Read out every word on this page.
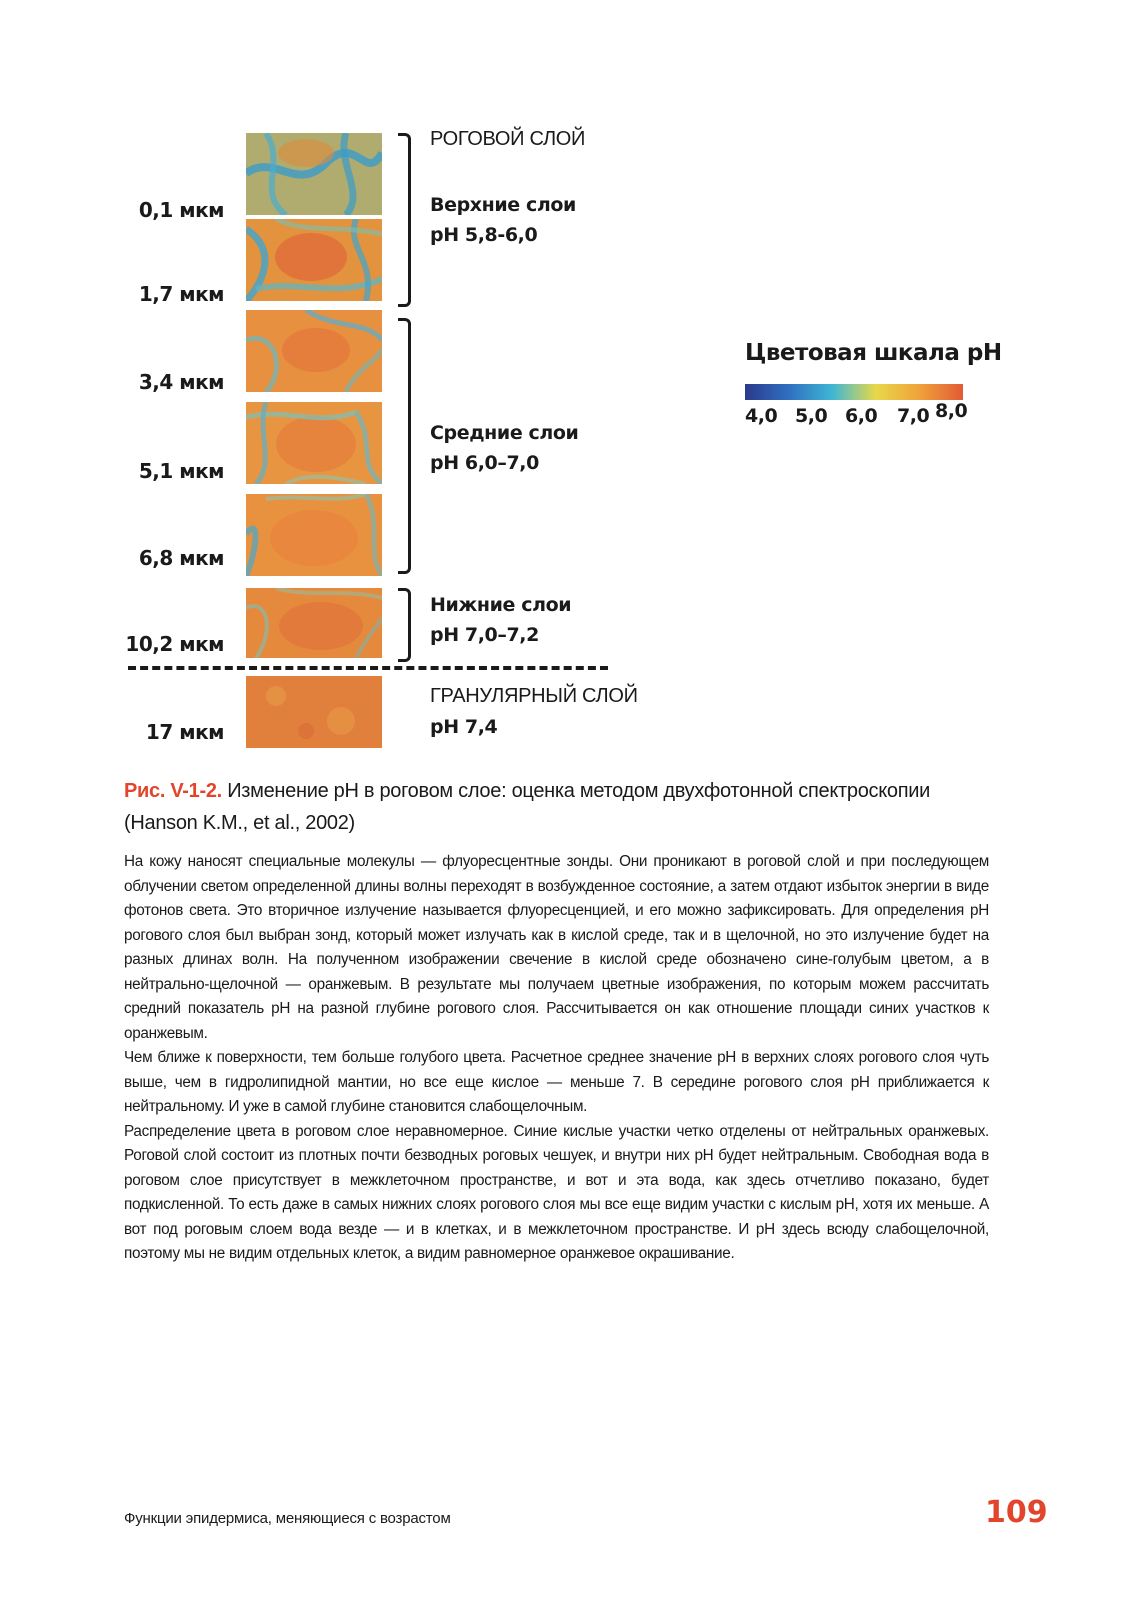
0,1 мкм
1,7 мкм
3,4 мкм
5,1 мкм
6,8 мкм
10,2 мкм
17 мкм
РОГОВОЙ СЛОЙ
Верхние слои
pH 5,8-6,0
Средние слои
pH 6,0–7,0
Нижние слои
pH 7,0–7,2
ГРАНУЛЯРНЫЙ СЛОЙ
pH 7,4
Цветовая шкала pH
4,0 5,0 6,0 7,0 8,0
Рис. V-1-2. Изменение pH в роговом слое: оценка методом двухфотонной спектроскопии (Hanson K.M., et al., 2002)

На кожу наносят специальные молекулы — флуоресцентные зонды. Они проникают в роговой слой и при последующем облучении светом определенной длины волны переходят в возбужденное состояние, а затем отдают избыток энергии в виде фотонов света. Это вторичное излучение называется флуоресценцией, и его можно зафиксировать. Для определения pH рогового слоя был выбран зонд, который может излучать как в кислой среде, так и в щелочной, но это излучение будет на разных длинах волн. На полученном изображении свечение в кислой среде обозначено сине-голубым цветом, а в нейтрально-щелочной — оранжевым. В результате мы получаем цветные изображения, по которым можем рассчитать средний показатель pH на разной глубине рогового слоя. Рассчитывается он как отношение площади синих участков к оранжевым.

Чем ближе к поверхности, тем больше голубого цвета. Расчетное среднее значение pH в верхних слоях рогового слоя чуть выше, чем в гидролипидной мантии, но все еще кислое — меньше 7. В середине рогового слоя pH приближается к нейтральному. И уже в самой глубине становится слабощелочным.

Распределение цвета в роговом слое неравномерное. Синие кислые участки четко отделены от нейтральных оранжевых. Роговой слой состоит из плотных почти безводных роговых чешуек, и внутри них pH будет нейтральным. Свободная вода в роговом слое присутствует в межклеточном пространстве, и вот и эта вода, как здесь отчетливо показано, будет подкисленной. То есть даже в самых нижних слоях рогового слоя мы все еще видим участки с кислым pH, хотя их меньше. А вот под роговым слоем вода везде — и в клетках, и в межклеточном пространстве. И pH здесь всюду слабощелочной, поэтому мы не видим отдельных клеток, а видим равномерное оранжевое окрашивание.

Функции эпидермиса, меняющиеся с возрастом	109
